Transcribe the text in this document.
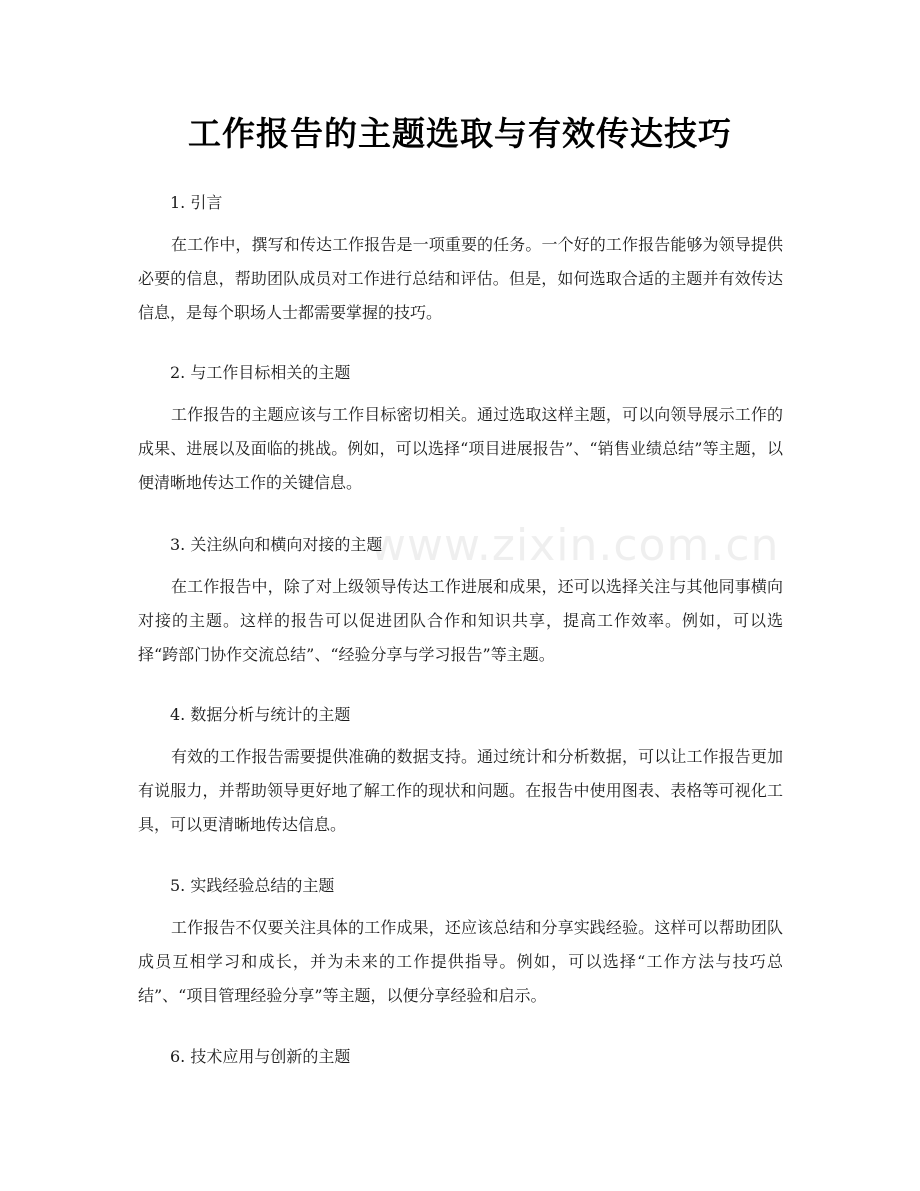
www.zixin.com.cn
工作报告的主题选取与有效传达技巧

1. 引言

在工作中，撰写和传达工作报告是一项重要的任务。一个好的工作报告能够为领导提供必要的信息，帮助团队成员对工作进行总结和评估。但是，如何选取合适的主题并有效传达信息，是每个职场人士都需要掌握的技巧。

2. 与工作目标相关的主题

工作报告的主题应该与工作目标密切相关。通过选取这样主题，可以向领导展示工作的成果、进展以及面临的挑战。例如，可以选择“项目进展报告”、“销售业绩总结”等主题，以便清晰地传达工作的关键信息。

3. 关注纵向和横向对接的主题

在工作报告中，除了对上级领导传达工作进展和成果，还可以选择关注与其他同事横向对接的主题。这样的报告可以促进团队合作和知识共享，提高工作效率。例如，可以选择“跨部门协作交流总结”、“经验分享与学习报告”等主题。

4. 数据分析与统计的主题

有效的工作报告需要提供准确的数据支持。通过统计和分析数据，可以让工作报告更加有说服力，并帮助领导更好地了解工作的现状和问题。在报告中使用图表、表格等可视化工具，可以更清晰地传达信息。

5. 实践经验总结的主题

工作报告不仅要关注具体的工作成果，还应该总结和分享实践经验。这样可以帮助团队成员互相学习和成长，并为未来的工作提供指导。例如，可以选择“工作方法与技巧总结”、“项目管理经验分享”等主题，以便分享经验和启示。

6. 技术应用与创新的主题
